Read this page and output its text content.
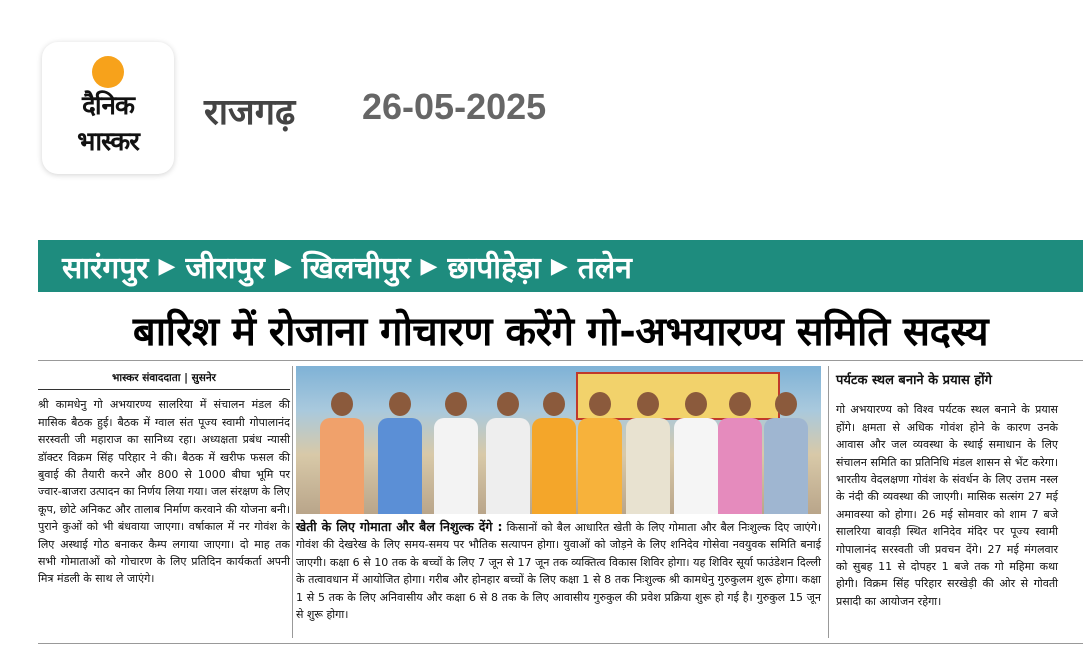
दैनिक
भास्कर
राजगढ़ 26-05-2025
सारंगपुर ▶ जीरापुर ▶ खिलचीपुर ▶ छापीहेड़ा ▶ तलेन
बारिश में रोजाना गोचारण करेंगे गो-अभयारण्य समिति सदस्य
भास्कर संवाददाता | सुसनेर
श्री कामधेनु गो अभयारण्य सालरिया में संचालन मंडल की मासिक बैठक हुई। बैठक में ग्वाल संत पूज्य स्वामी गोपालानंद सरस्वती जी महाराज का सानिध्य रहा। अध्यक्षता प्रबंध न्यासी डॉक्टर विक्रम सिंह परिहार ने की। बैठक में खरीफ फसल की बुवाई की तैयारी करने और 800 से 1000 बीघा भूमि पर ज्वार-बाजरा उत्पादन का निर्णय लिया गया। जल संरक्षण के लिए कूप, छोटे अनिकट और तालाब निर्माण करवाने की योजना बनी। पुराने कुओं को भी बंधवाया जाएगा। वर्षाकाल में नर गोवंश के लिए अस्थाई गोठ बनाकर कैम्प लगाया जाएगा। दो माह तक सभी गोमाताओं को गोचारण के लिए प्रतिदिन कार्यकर्ता अपनी मित्र मंडली के साथ ले जाएंगे।
खेती के लिए गोमाता और बैल निशुल्क देंगे : किसानों को बैल आधारित खेती के लिए गोमाता और बैल निःशुल्क दिए जाएंगे। गोवंश की देखरेख के लिए समय-समय पर भौतिक सत्यापन होगा। युवाओं को जोड़ने के लिए शनिदेव गोसेवा नवयुवक समिति बनाई जाएगी। कक्षा 6 से 10 तक के बच्चों के लिए 7 जून से 17 जून तक व्यक्तित्व विकास शिविर होगा। यह शिविर सूर्या फाउंडेशन दिल्ली के तत्वावधान में आयोजित होगा। गरीब और होनहार बच्चों के लिए कक्षा 1 से 8 तक निःशुल्क श्री कामधेनु गुरुकुलम शुरू होगा। कक्षा 1 से 5 तक के लिए अनिवासीय और कक्षा 6 से 8 तक के लिए आवासीय गुरुकुल की प्रवेश प्रक्रिया शुरू हो गई है। गुरुकुल 15 जून से शुरू होगा।
पर्यटक स्थल बनाने के प्रयास होंगे
गो अभयारण्य को विश्व पर्यटक स्थल बनाने के प्रयास होंगे। क्षमता से अधिक गोवंश होने के कारण उनके आवास और जल व्यवस्था के स्थाई समाधान के लिए संचालन समिति का प्रतिनिधि मंडल शासन से भेंट करेगा। भारतीय वेदलक्षणा गोवंश के संवर्धन के लिए उत्तम नस्ल के नंदी की व्यवस्था की जाएगी। मासिक सत्संग 27 मई अमावस्या को होगा। 26 मई सोमवार को शाम 7 बजे सालरिया बावड़ी स्थित शनिदेव मंदिर पर पूज्य स्वामी गोपालानंद सरस्वती जी प्रवचन देंगे। 27 मई मंगलवार को सुबह 11 से दोपहर 1 बजे तक गो महिमा कथा होगी। विक्रम सिंह परिहार सरखेड़ी की ओर से गोवती प्रसादी का आयोजन रहेगा।
